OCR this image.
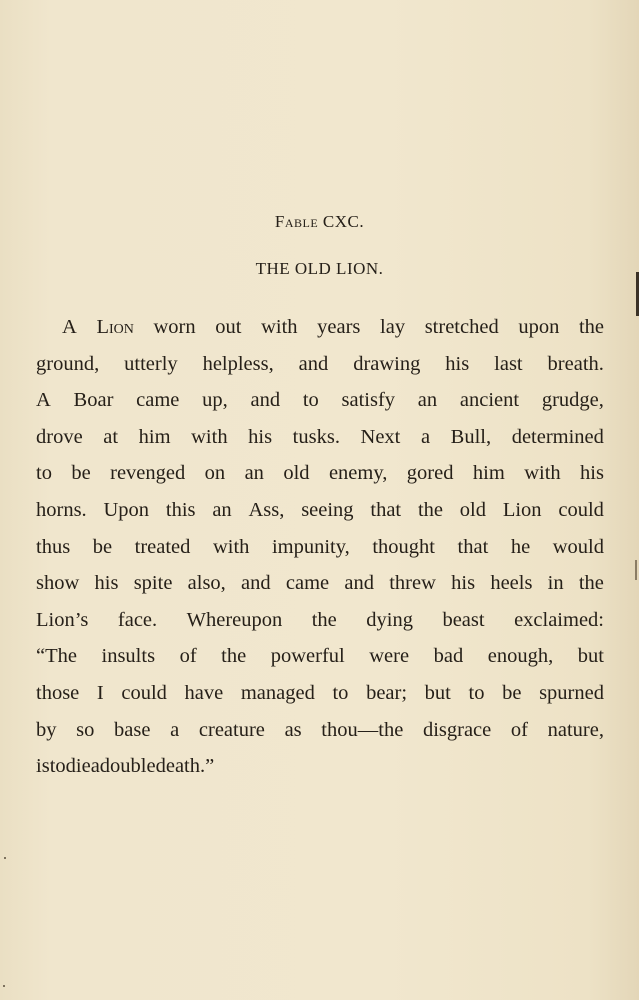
Fable CXC.
THE OLD LION.
A Lion worn out with years lay stretched upon the
ground, utterly helpless, and drawing his last breath.
A Boar came up, and to satisfy an ancient grudge,
drove at him with his tusks. Next a Bull, determined
to be revenged on an old enemy, gored him with his
horns. Upon this an Ass, seeing that the old Lion could
thus be treated with impunity, thought that he would
show his spite also, and came and threw his heels in the
Lion’s face. Whereupon the dying beast exclaimed:
“The insults of the powerful were bad enough, but
those I could have managed to bear; but to be spurned
by so base a creature as thou—the disgrace of nature,
is to die a double death.”
